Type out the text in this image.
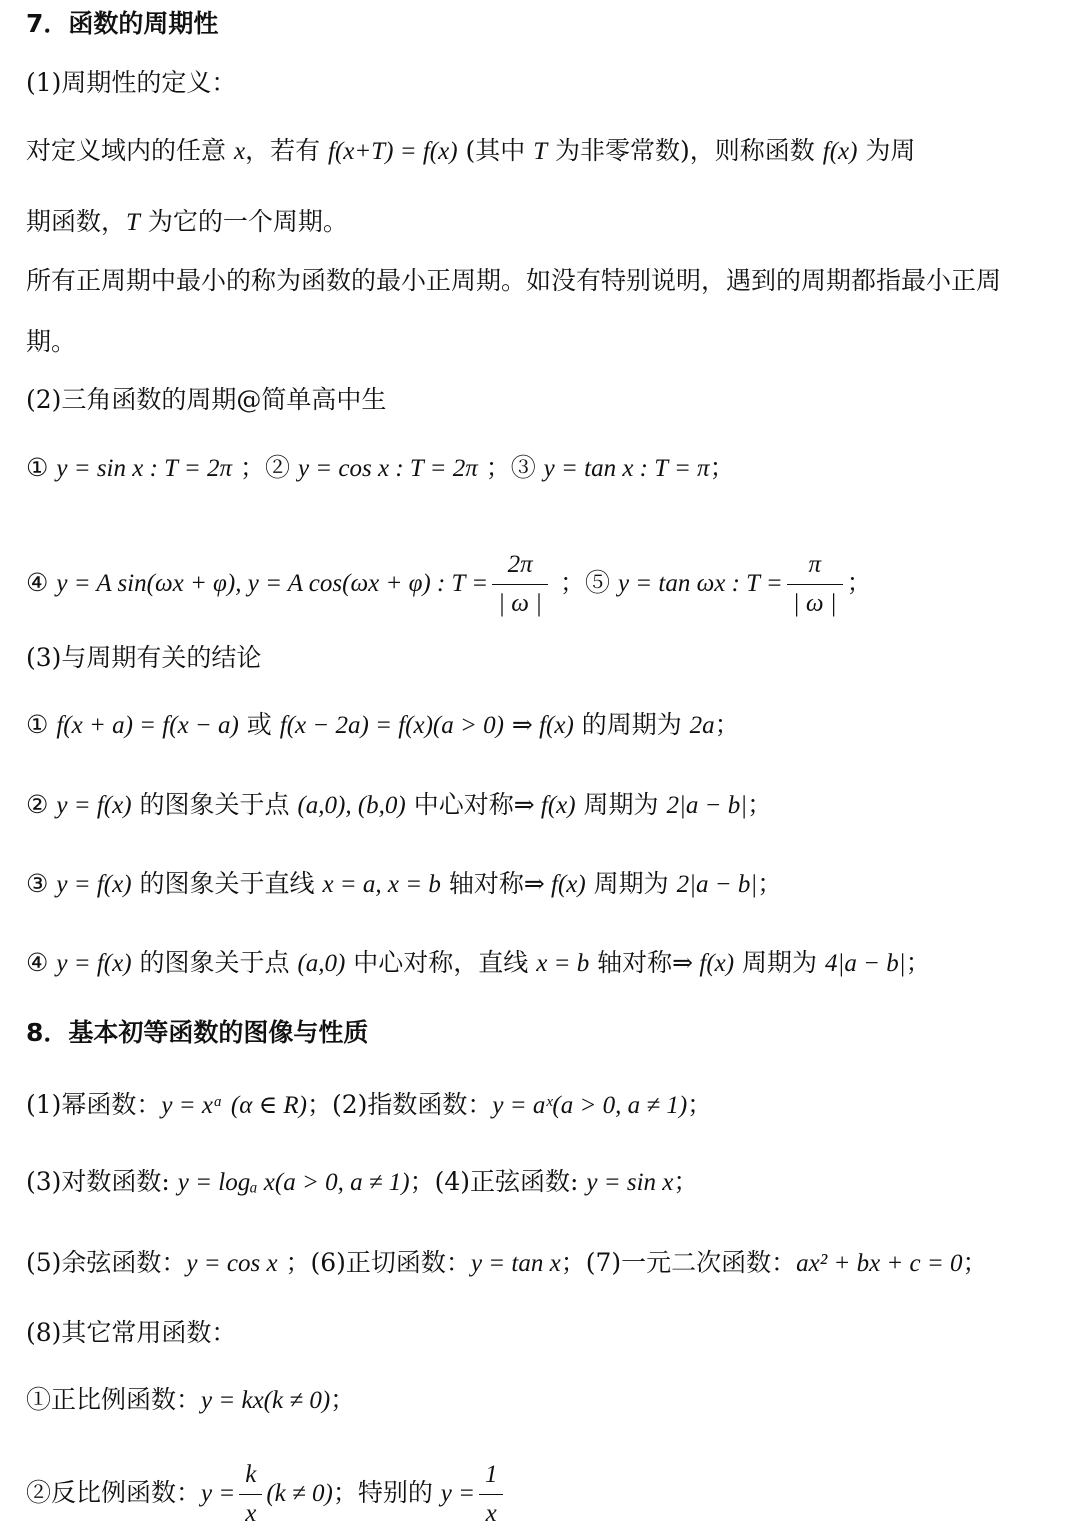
7．函数的周期性
(1)周期性的定义：
对定义域内的任意 x，若有 f(x+T) = f(x) (其中 T 为非零常数)，则称函数 f(x) 为周
期函数，T 为它的一个周期。
所有正周期中最小的称为函数的最小正周期。如没有特别说明，遇到的周期都指最小正周
期。
(2)三角函数的周期@简单高中生
① y = sin x : T = 2π ；② y = cos x : T = 2π ；③ y = tan x : T = π；
④ y = A sin(ωx + φ), y = A cos(ωx + φ) : $T = \frac{2\pi}{| \omega |}$ ；⑤ y = tan ωx : $T = \frac{\pi}{| \omega |}$ ；
(3)与周期有关的结论
① f(x + a) = f(x − a) 或 f(x − 2a) = f(x)(a > 0) ⇒ f(x) 的周期为 2a；
② y = f(x) 的图象关于点 (a,0), (b,0) 中心对称⇒ f(x) 周期为 2|a − b|；
③ y = f(x) 的图象关于直线 x = a, x = b 轴对称⇒ f(x) 周期为 2|a − b|；
④ y = f(x) 的图象关于点 (a,0) 中心对称，直线 x = b 轴对称⇒ f(x) 周期为 4|a − b|；
8．基本初等函数的图像与性质
(1)幂函数：y = xᵅ (α ∈ R)；(2)指数函数：y = aˣ(a > 0, a ≠ 1)；
(3)对数函数: y = logₐ x(a > 0, a ≠ 1)；(4)正弦函数: y = sin x；
(5)余弦函数：y = cos x ；(6)正切函数：y = tan x；(7)一元二次函数：ax² + bx + c = 0；
(8)其它常用函数：
①正比例函数：y = kx(k ≠ 0)；
②反比例函数：$y = \frac{k}{x} (k \ne 0)$；特别的 $y = \frac{1}{x}$
